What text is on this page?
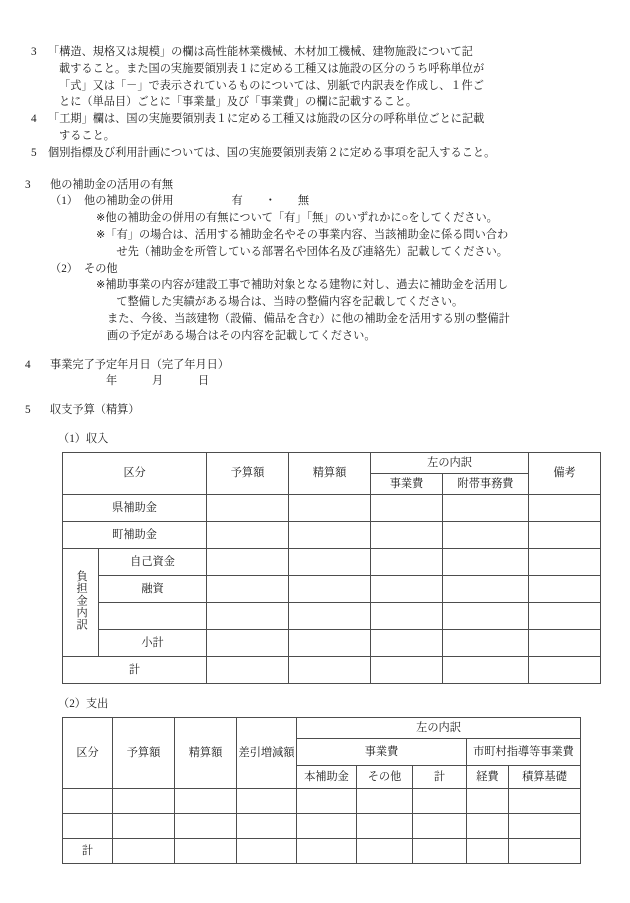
3	「構造、規格又は規模」の欄は高性能林業機械、木材加工機械、建物施設について記

載すること。また国の実施要領別表１に定める工種又は施設の区分のうち呼称単位が

「式」又は「－」で表示されているものについては、別紙で内訳表を作成し、１件ご

とに（単品目）ごとに「事業量」及び「事業費」の欄に記載すること。

4	「工期」欄は、国の実施要領別表１に定める工種又は施設の区分の呼称単位ごとに記載

すること。

5	個別指標及び利用計画については、国の実施要領別表第２に定める事項を記入すること。

3	他の補助金の活用の有無

（1） 他の補助金の併用	有 ・ 無

※ 他の補助金の併用の有無について「有」「無」のいずれかに○をしてください。
※ 「有」の場合は、活用する補助金名やその事業内容、当該補助金に係る問い合わ

せ先（補助金を所管している部署名や団体名及び連絡先）記載してください。

（2） その他

※ 補助事業の内容が建設工事で補助対象となる建物に対し、過去に補助金を活用し

て整備した実績がある場合は、当時の整備内容を記載してください。

また、今後、当該建物（設備、備品を含む）に他の補助金を活用する別の整備計

画の予定がある場合はその内容を記載してください。

4	事業完了予定年月日（完了年月日）

年	月	日

5	収支予算（精算）

（1）収入
区分		予算額	精算額	左の内訳		備考
				事業費	附帯事務費	
県補助金						
町補助金						
負担金内訳	自己資金					
	融資					

	小計					
計						
（2）支出
区分	予算額	精算額	差引増減額	左の内訳				
				事業費			市町村指導等事業費	
				本補助金	その他	計	経費	積算基礎

計								
